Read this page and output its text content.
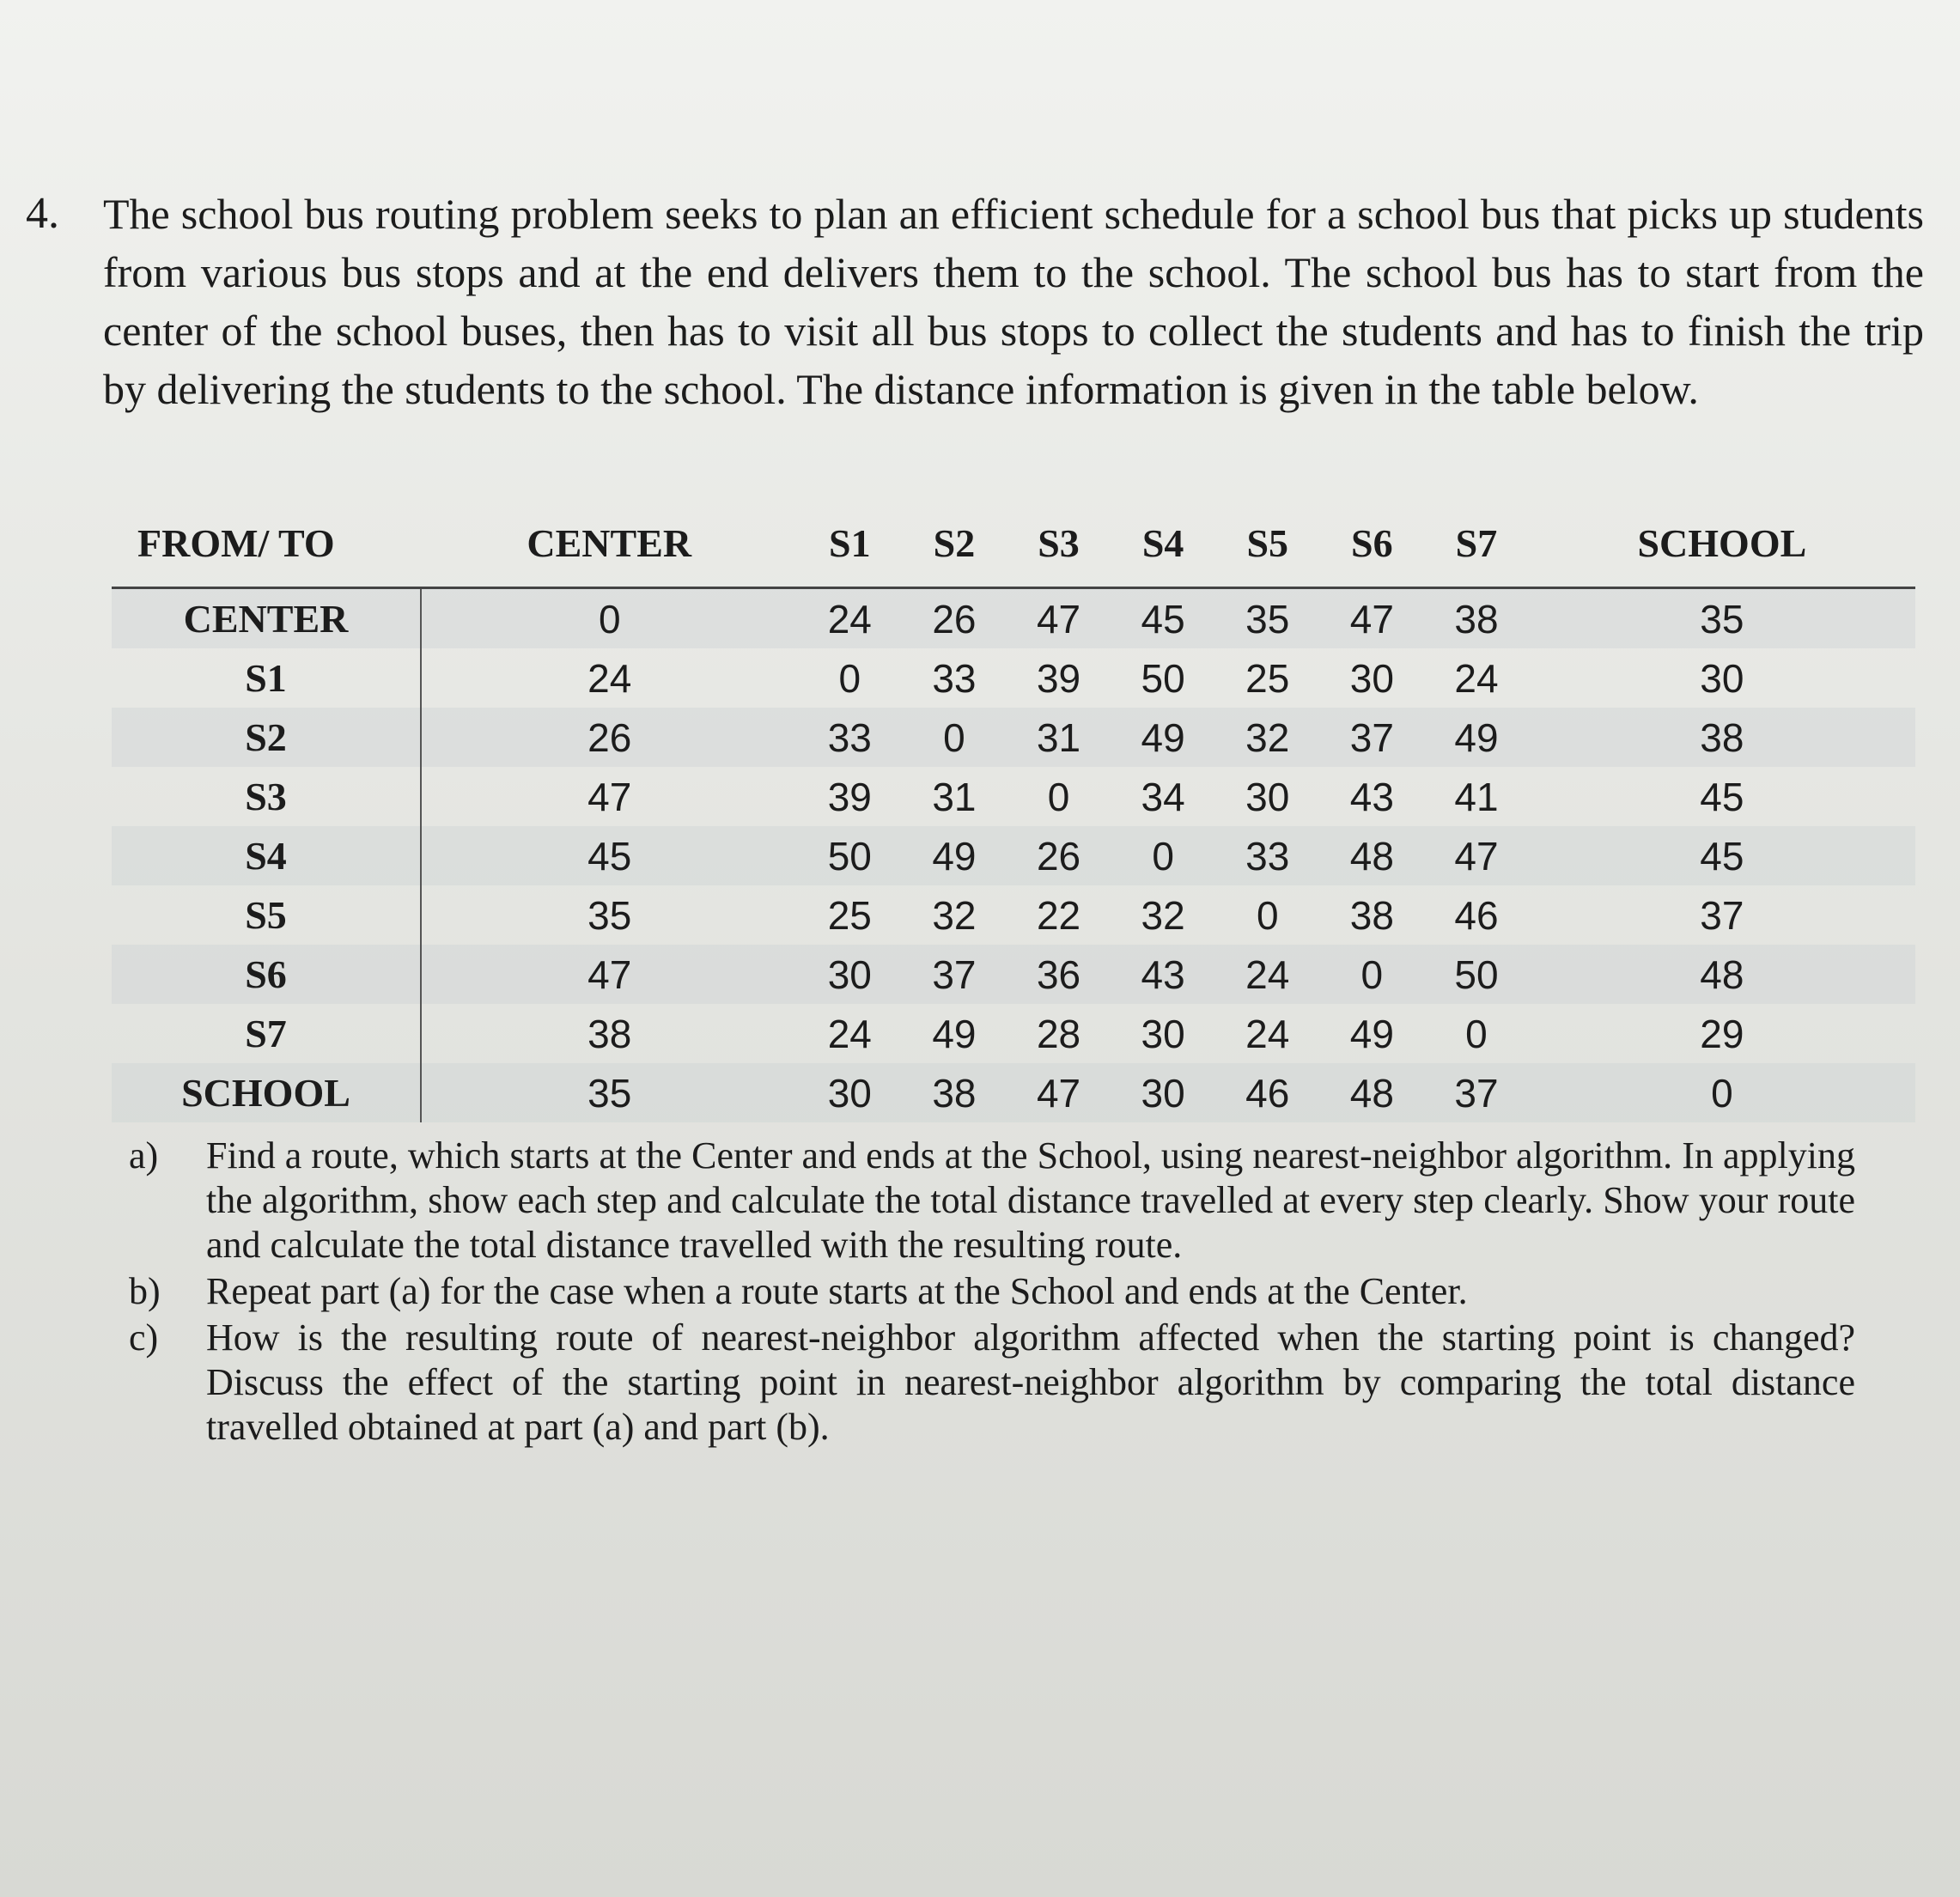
4. The school bus routing problem seeks to plan an efficient schedule for a school bus that picks up students from various bus stops and at the end delivers them to the school. The school bus has to start from the center of the school buses, then has to visit all bus stops to collect the students and has to finish the trip by delivering the students to the school. The distance information is given in the table below.
FROM/ TO	CENTER	S1	S2	S3	S4	S5	S6	S7	SCHOOL
CENTER	0	24	26	47	45	35	47	38	35
S1	24	0	33	39	50	25	30	24	30
S2	26	33	0	31	49	32	37	49	38
S3	47	39	31	0	34	30	43	41	45
S4	45	50	49	26	0	33	48	47	45
S5	35	25	32	22	32	0	38	46	37
S6	47	30	37	36	43	24	0	50	48
S7	38	24	49	28	30	24	49	0	29
SCHOOL	35	30	38	47	30	46	48	37	0
a) Find a route, which starts at the Center and ends at the School, using nearest-neighbor algorithm. In applying the algorithm, show each step and calculate the total distance travelled at every step clearly. Show your route and calculate the total distance travelled with the resulting route.
b) Repeat part (a) for the case when a route starts at the School and ends at the Center.
c) How is the resulting route of nearest-neighbor algorithm affected when the starting point is changed? Discuss the effect of the starting point in nearest-neighbor algorithm by comparing the total distance travelled obtained at part (a) and part (b).
